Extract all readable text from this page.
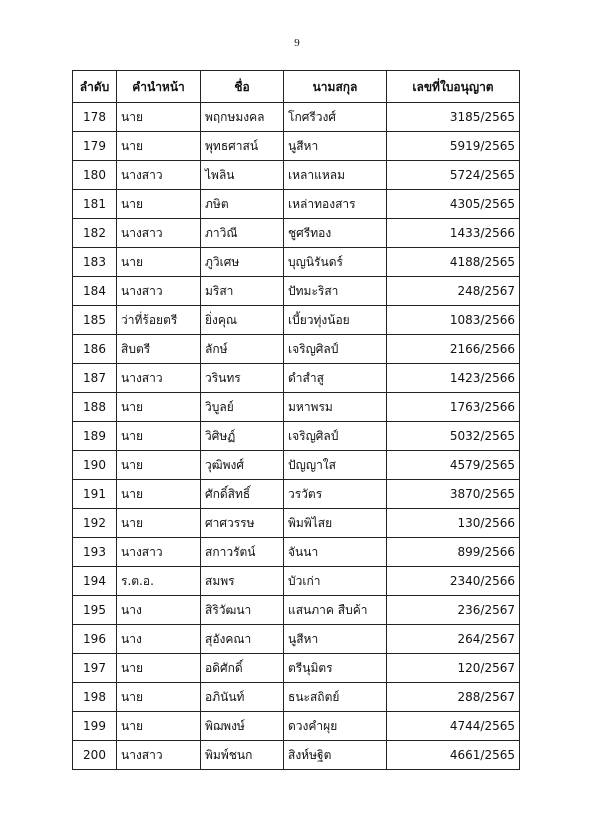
9
ลำดับ	คำนำหน้า	ชื่อ	นามสกุล	เลขที่ใบอนุญาต
178	นาย	พฤกษมงคล	โกศรีวงศ์	3185/2565
179	นาย	พุทธศาสน์	นูสีหา	5919/2565
180	นางสาว	ไพลิน	เหลาแหลม	5724/2565
181	นาย	ภษิต	เหล่าทองสาร	4305/2565
182	นางสาว	ภาวิณี	ชูศรีทอง	1433/2566
183	นาย	ภูวิเศษ	บุญนิรันดร์	4188/2565
184	นางสาว	มริสา	ปัทมะริสา	248/2567
185	ว่าที่ร้อยตรี	ยิ่งคุณ	เบี้ยวทุ่งน้อย	1083/2566
186	สิบตรี	ลักษ์	เจริญศิลป์	2166/2566
187	นางสาว	วรินทร	ดำสำสู	1423/2566
188	นาย	วิบูลย์	มหาพรม	1763/2566
189	นาย	วิศิษฏ์	เจริญศิลป์	5032/2565
190	นาย	วุฒิพงศ์	ปัญญาใส	4579/2565
191	นาย	ศักดิ์สิทธิ์	วรวัตร	3870/2565
192	นาย	ศาศวรรษ	พิมพิไสย	130/2566
193	นางสาว	สกาวรัตน์	จันนา	899/2566
194	ร.ต.อ.	สมพร	บัวเก่า	2340/2566
195	นาง	สิริวัฒนา	แสนภาค สืบค้า	236/2567
196	นาง	สุอังคณา	นูสีหา	264/2567
197	นาย	อดิศักดิ์	ตรีนุมิตร	120/2567
198	นาย	อภินันท์	ธนะสถิตย์	288/2567
199	นาย	พิฌพงษ์	ดวงคำผุย	4744/2565
200	นางสาว	พิมพ์ชนก	สิงห์ษฐิต	4661/2565
